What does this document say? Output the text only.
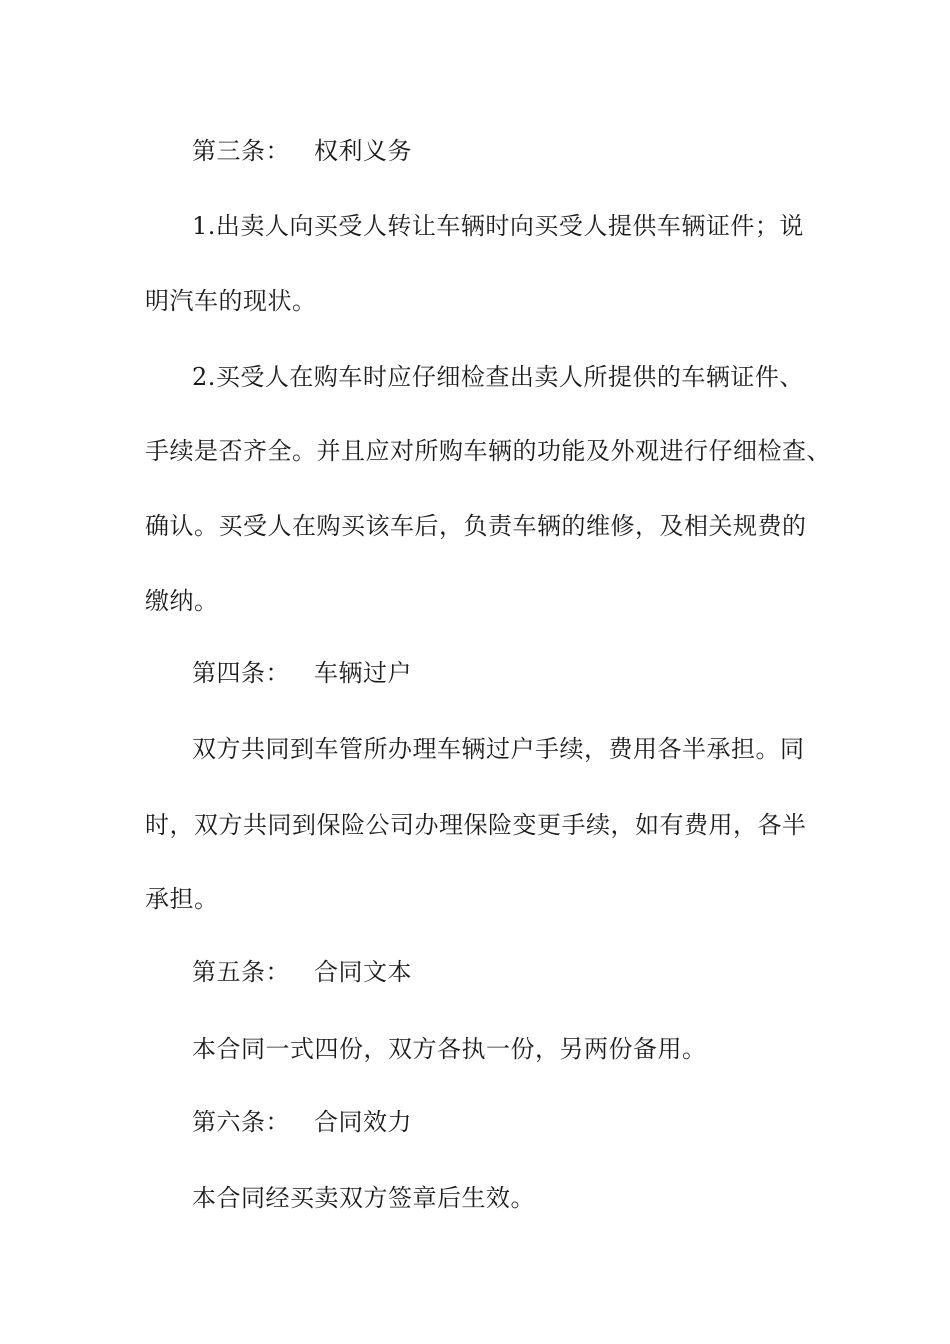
第三条： 权利义务
1.出卖人向买受人转让车辆时向买受人提供车辆证件；说
明汽车的现状。
2.买受人在购车时应仔细检查出卖人所提供的车辆证件、
手续是否齐全。并且应对所购车辆的功能及外观进行仔细检查、
确认。买受人在购买该车后，负责车辆的维修，及相关规费的
缴纳。
第四条： 车辆过户
双方共同到车管所办理车辆过户手续，费用各半承担。同
时，双方共同到保险公司办理保险变更手续，如有费用，各半
承担。
第五条： 合同文本
本合同一式四份，双方各执一份，另两份备用。
第六条： 合同效力
本合同经买卖双方签章后生效。
